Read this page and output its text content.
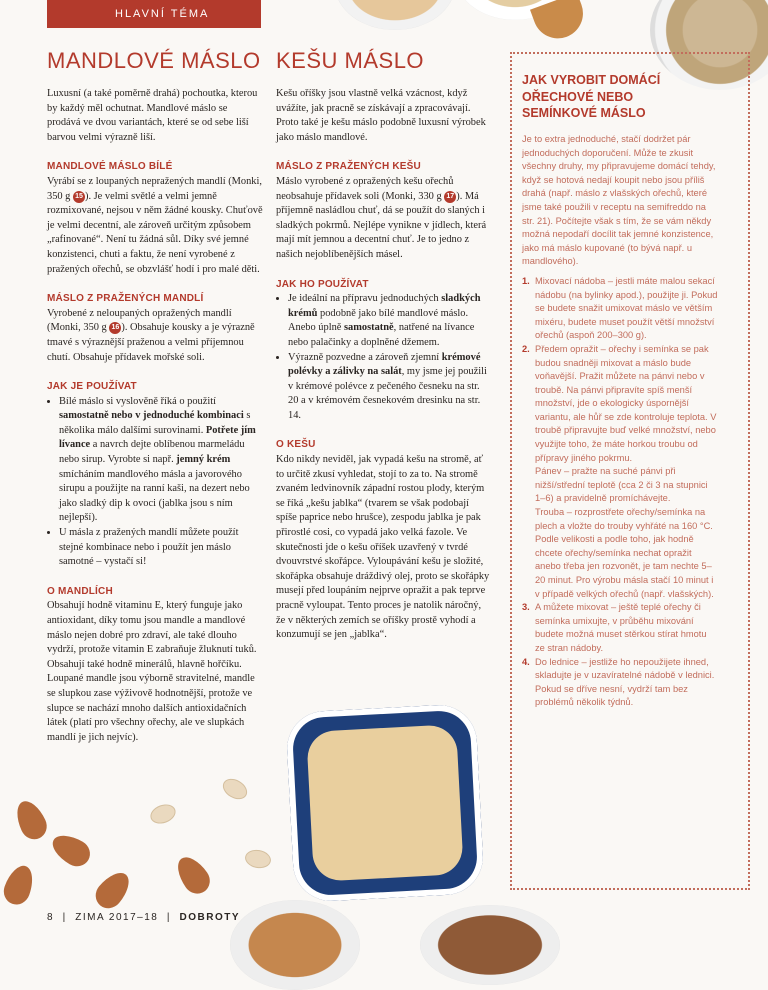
HLAVNÍ TÉMA
MANDLOVÉ MÁSLO

Luxusní (a také poměrně drahá) pochoutka, kterou by každý měl ochutnat. Mandlové máslo se prodává ve dvou variantách, které se od sebe liší barvou velmi výrazně liší.

MANDLOVÉ MÁSLO BÍLÉ

Vyrábí se z loupaných nepražených mandlí (Monki, 350 g 15 ). Je velmi světlé a velmi jemně rozmixované, nejsou v něm žádné kousky. Chuťově je velmi decentní, ale zároveň určitým způsobem „rafinované“. Není tu žádná sůl. Díky své jemné konzistenci, chuti a faktu, že není vyrobené z pražených ořechů, se obzvlášť hodí i pro malé děti.

MÁSLO Z PRAŽENÝCH MANDLÍ

Vyrobené z neloupaných opražených mandlí (Monki, 350 g 16 ). Obsahuje kousky a je výrazně tmavé s výraznější praženou a velmi příjemnou chutí. Obsahuje přídavek mořské soli.

JAK JE POUŽÍVAT
• Bílé máslo si vyslověně říká o použití samostatně nebo v jednoduché kombinaci s několika málo dalšími surovinami. Potřete jím lívance a navrch dejte oblíbenou marmeládu nebo sirup. Vyrobte si např. jemný krém smícháním mandlového másla a javorového sirupu a použijte na ranní kaši, na dezert nebo jako sladký dip k ovoci (jablka jsou s ním nejlepší).
• U másla z pražených mandlí můžete použít stejné kombinace nebo i použít jen máslo samotné – vystačí si!
O MANDLÍCH

Obsahují hodně vitaminu E, který funguje jako antioxidant, díky tomu jsou mandle a mandlové máslo nejen dobré pro zdraví, ale také dlouho vydrží, protože vitamin E zabraňuje žluknutí tuků. Obsahují také hodně minerálů, hlavně hořčíku. Loupané mandle jsou výborně stravitelné, mandle se slupkou zase výživově hodnotnější, protože ve slupce se nachází mnoho dalších antioxidačních látek (platí pro všechny ořechy, ale ve slupkách mandlí je jich nejvíc).

KEŠU MÁSLO

Kešu oříšky jsou vlastně velká vzácnost, když uvážíte, jak pracně se získávají a zpracovávají. Proto také je kešu máslo podobně luxusní výrobek jako máslo mandlové.

MÁSLO Z PRAŽENÝCH KEŠU

Máslo vyrobené z opražených kešu ořechů neobsahuje přídavek soli (Monki, 330 g 17 ). Má příjemně nasládlou chuť, dá se použít do slaných i sladkých pokrmů. Nejlépe vynikne v jídlech, která mají mít jemnou a decentní chuť. Je to jedno z našich nejoblíbenějších másel.

JAK HO POUŽÍVAT
• Je ideální na přípravu jednoduchých sladkých krémů podobně jako bílé mandlové máslo. Anebo úplně samostatně, natřené na lívance nebo palačinky a doplněné džemem.
• Výrazně pozvedne a zároveň zjemní krémové polévky a zálivky na salát, my jsme jej použili v krémové polévce z pečeného česneku na str. 20 a v krémovém česnekovém dresinku na str. 14.
O KEŠU

Kdo nikdy neviděl, jak vypadá kešu na stromě, ať to určitě zkusí vyhledat, stojí to za to. Na stromě zvaném ledvinovník západní rostou plody, kterým se říká „kešu jablka“ (tvarem se však podobají spíše paprice nebo hrušce), zespodu jablka je pak přirostlé cosi, co vypadá jako velká fazole. Ve skutečnosti jde o kešu oříšek uzavřený v tvrdé dvouvrstvé skořápce. Vyloupávání kešu je složité, skořápka obsahuje dráždivý olej, proto se skořápky musejí před loupáním nejprve opražit a pak teprve pracně vyloupat. Tento proces je natolik náročný, že v některých zemích se oříšky prostě vyhodí a konzumují se jen „jablka“.

JAK VYROBIT DOMÁCÍ OŘECHOVÉ NEBO SEMÍNKOVÉ MÁSLO

Je to extra jednoduché, stačí dodržet pár jednoduchých doporučení. Může te zkusit všechny druhy, my připravujeme domácí tehdy, když se hotová nedají koupit nebo jsou příliš drahá (např. máslo z vlašských ořechů, které jsme také použili v receptu na semifreddo na str. 21). Počítejte však s tím, že se vám někdy možná nepodaří docílit tak jemné konzistence, jako má máslo kupované (to bývá např. u mandlového).

1. Mixovací nádoba – jestli máte malou sekací nádobu (na bylinky apod.), použijte ji. Pokud se budete snažit umixovat máslo ve větším mixéru, budete muset použít větší množství ořechů (aspoň 200–300 g).
2. Předem opražit – ořechy i semínka se pak budou snadněji mixovat a máslo bude voňavější. Pražit můžete na pánvi nebo v troubě. Na pánvi připravíte spíš menší množství, jde o ekologicky úspornější variantu, ale hůř se zde kontroluje teplota. V troubě připravujte buď velké množství, nebo využijte toho, že máte horkou troubu od přípravy jiného pokrmu.
Pánev – pražte na suché pánvi při nižší/střední teplotě (cca 2 či 3 na stupnici 1–6) a pravidelně promíchávejte.
Trouba – rozprostřete ořechy/semínka na plech a vložte do trouby vyhřáté na 160 °C. Podle velikosti a podle toho, jak hodně chcete ořechy/semínka nechat opražit anebo třeba jen rozvonět, je tam nechte 5–20 minut. Pro výrobu másla stačí 10 minut i v případě velkých ořechů (např. vlašských).
3. A můžete mixovat – ještě teplé ořechy či semínka umixujte, v průběhu mixování budete možná muset stěrkou stírat hmotu ze stran nádoby.
4. Do lednice – jestliže ho nepoužijete ihned, skladujte je v uzavíratelné nádobě v lednici. Pokud se dříve nesní, vydrží tam bez problémů několik týdnů.
8  |  ZIMA 2017–18  |  DOBROTY
